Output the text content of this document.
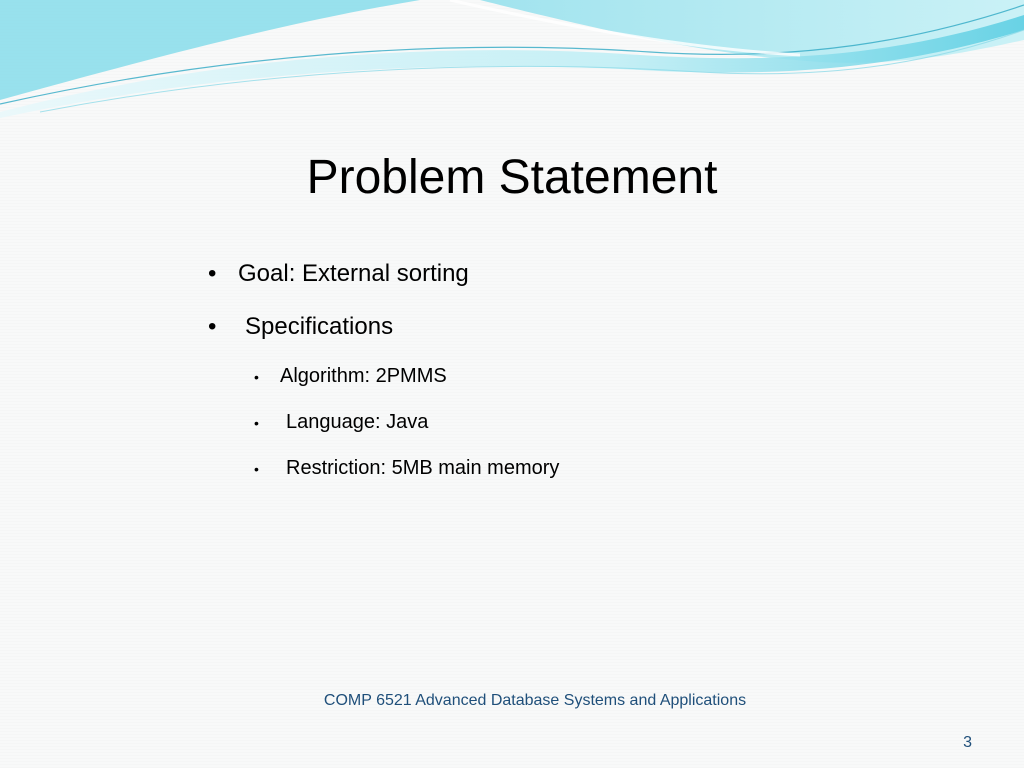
Problem Statement
• Goal: External sorting
•	Specifications
•	Algorithm: 2PMMS
•	Language: Java
•	Restriction: 5MB main memory
COMP 6521 Advanced Database Systems and Applications
3
